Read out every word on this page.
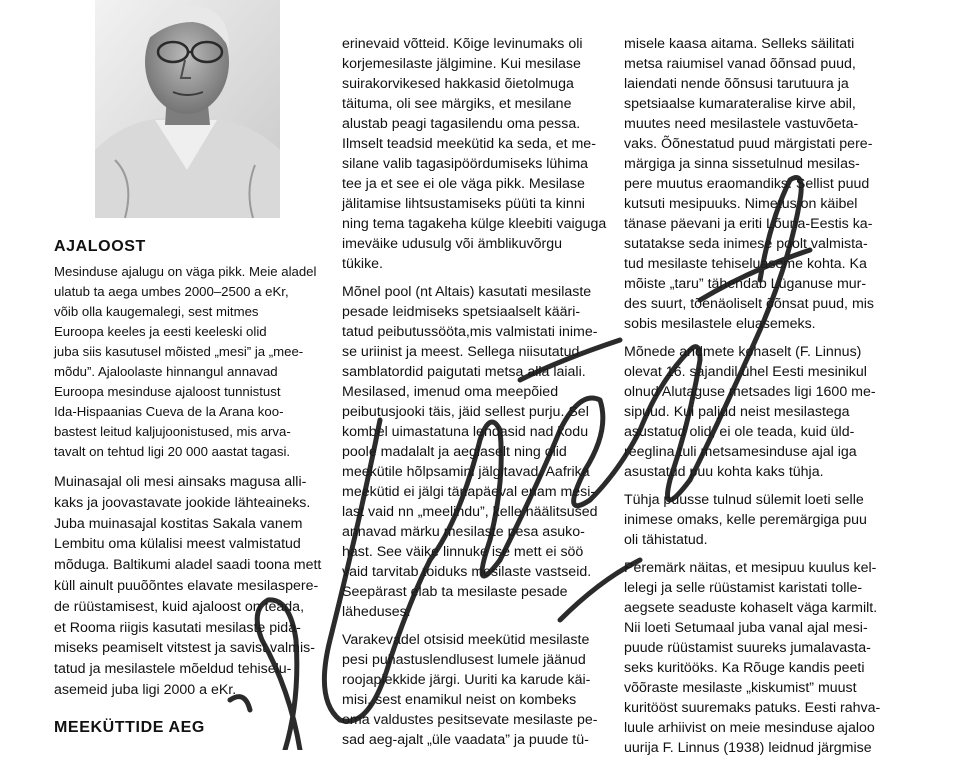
AJALOOST
Mesinduse ajalugu on väga pikk. Meie aladel
ulatub ta aega umbes 2000–2500 a eKr,
võib olla kaugemalegi, sest mitmes
Euroopa keeles ja eesti keeleski olid
juba siis kasutusel mõisted „mesi” ja „mee-
mõdu”. Ajaloolaste hinnangul annavad
Euroopa mesinduse ajaloost tunnistust
Ida-Hispaanias Cueva de la Arana koo-
bastest leitud kaljujoonistused, mis arva-
tavalt on tehtud ligi 20 000 aastat tagasi.
Muinasajal oli mesi ainsaks magusa alli-
kaks ja joovastavate jookide lähteaineks.
Juba muinasajal kostitas Sakala vanem
Lembitu oma külalisi meest valmistatud
mõduga. Baltikumi aladel saadi toona mett
küll ainult puuõõntes elavate mesilaspere-
de rüüstamisest, kuid ajaloost on teada,
et Rooma riigis kasutati mesilaste pida-
miseks peamiselt vitstest ja savist valmis-
tatud ja mesilastele mõeldud tehiselu-
asemeid juba ligi 2000 a eKr.
MEEKÜTTIDE AEG

erinevaid võtteid. Kõige levinumaks oli
korjemesilaste jälgimine. Kui mesilase
suirakorvikesed hakkasid õietolmuga
täituma, oli see märgiks, et mesilane
alustab peagi tagasilendu oma pessa.
Ilmselt teadsid meekütid ka seda, et me-
silane valib tagasipöördumiseks lühima
tee ja et see ei ole väga pikk. Mesilase
jälitamise lihtsustamiseks püüti ta kinni
ning tema tagakeha külge kleebiti vaiguga
imeväike udusulg või ämblikuvõrgu
tükike.

Mõnel pool (nt Altais) kasutati mesilaste
pesade leidmiseks spetsiaalselt kääri-
tatud peibutussööta,mis valmistati inime-
se uriinist ja meest. Sellega niisutatud
samblatordid paigutati metsa alla laiali.
Mesilased, imenud oma meepõied
peibutusjooki täis, jäid sellest purju. Sel
kombel uimastatuna lendasid nad kodu
poole madalalt ja aeglaselt ning olid
meekütile hõlpsamini jälgitavad. Aafrika
meekütid ei jälgi tänapäeval enam mesi-
last vaid nn „meelindu”, kelle häälitsused
annavad märku mesilaste pesa asuko-
hast. See väike linnuke ise mett ei söö
vaid tarvitab toiduks mesilaste vastseid.
Seepärast elab ta mesilaste pesade
läheduses.

Varakevadel otsisid meekütid mesilaste
pesi puhastuslendlusest lumele jäänud
roojaplekkide järgi. Uuriti ka karude käi-
misi, sest enamikul neist on kombeks
oma valdustes pesitsevate mesilaste pe-
sad aeg-ajalt „üle vaadata” ja puude tü-

misele kaasa aitama. Selleks säilitati
metsa raiumisel vanad õõnsad puud,
laiendati nende õõnsusi tarutuura ja
spetsiaalse kumarateralise kirve abil,
muutes need mesilastele vastuvõeta-
vaks. Õõnestatud puud märgistati pere-
märgiga ja sinna sissetulnud mesilas-
pere muutus eraomandiks. Sellist puud
kutsuti mesipuuks. Nimetus on käibel
tänase päevani ja eriti Lõuna-Eestis ka-
sutatakse seda inimese poolt valmista-
tud mesilaste tehiseluaseme kohta. Ka
mõiste „taru” tähendab Lüganuse mur-
des suurt, tõenäoliselt õõnsat puud, mis
sobis mesilastele eluasemeks.

Mõnede andmete kohaselt (F. Linnus)
olevat 16. sajandil ühel Eesti mesinikul
olnud Alutaguse metsades ligi 1600 me-
sipuud. Kui paljud neist mesilastega
asustatud olid, ei ole teada, kuid üld-
reeglina tuli metsamesinduse ajal iga
asustatud puu kohta kaks tühja.

Tühja puusse tulnud sülemit loeti selle
inimese omaks, kelle peremärgiga puu
oli tähistatud.

Peremärk näitas, et mesipuu kuulus kel-
lelegi ja selle rüüstamist karistati tolle-
aegsete seaduste kohaselt väga karmilt.
Nii loeti Setumaal juba vanal ajal mesi-
puude rüüstamist suureks jumalavasta-
seks kuritööks. Ka Rõuge kandis peeti
võõraste mesilaste „kiskumist” muust
kuritööst suuremaks patuks. Eesti rahva-
luule arhiivist on meie mesinduse ajaloo
uurija F. Linnus (1938) leidnud järgmise
